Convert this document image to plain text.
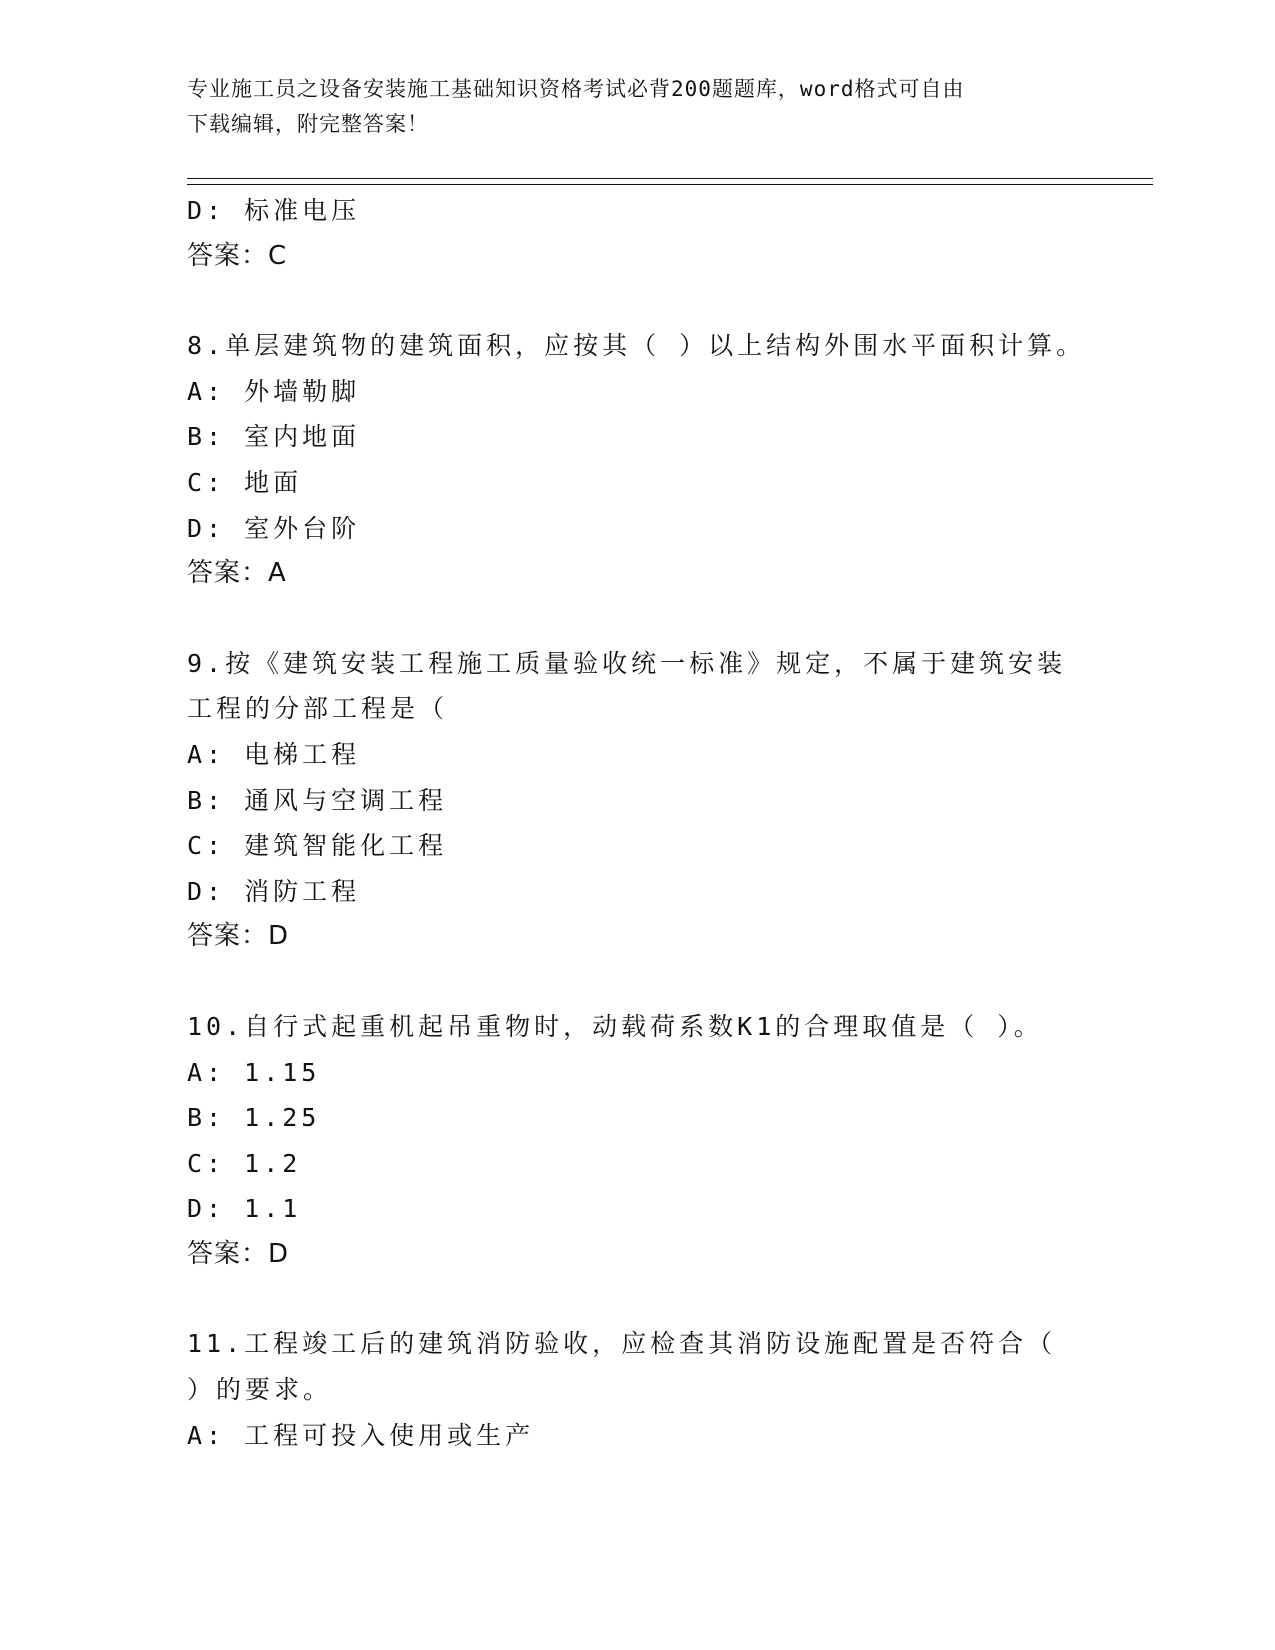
专业施工员之设备安装施工基础知识资格考试必背200题题库，word格式可自由
下载编辑，附完整答案！
D: 标准电压
答案：C
8.单层建筑物的建筑面积，应按其（ ）以上结构外围水平面积计算。
A: 外墙勒脚
B: 室内地面
C: 地面
D: 室外台阶
答案：A
9.按《建筑安装工程施工质量验收统一标准》规定，不属于建筑安装
工程的分部工程是（
A: 电梯工程
B: 通风与空调工程
C: 建筑智能化工程
D: 消防工程
答案：D
10.自行式起重机起吊重物时，动载荷系数K1的合理取值是（ ）。
A: 1.15
B: 1.25
C: 1.2
D: 1.1
答案：D
11.工程竣工后的建筑消防验收，应检查其消防设施配置是否符合（
）的要求。
A: 工程可投入使用或生产
